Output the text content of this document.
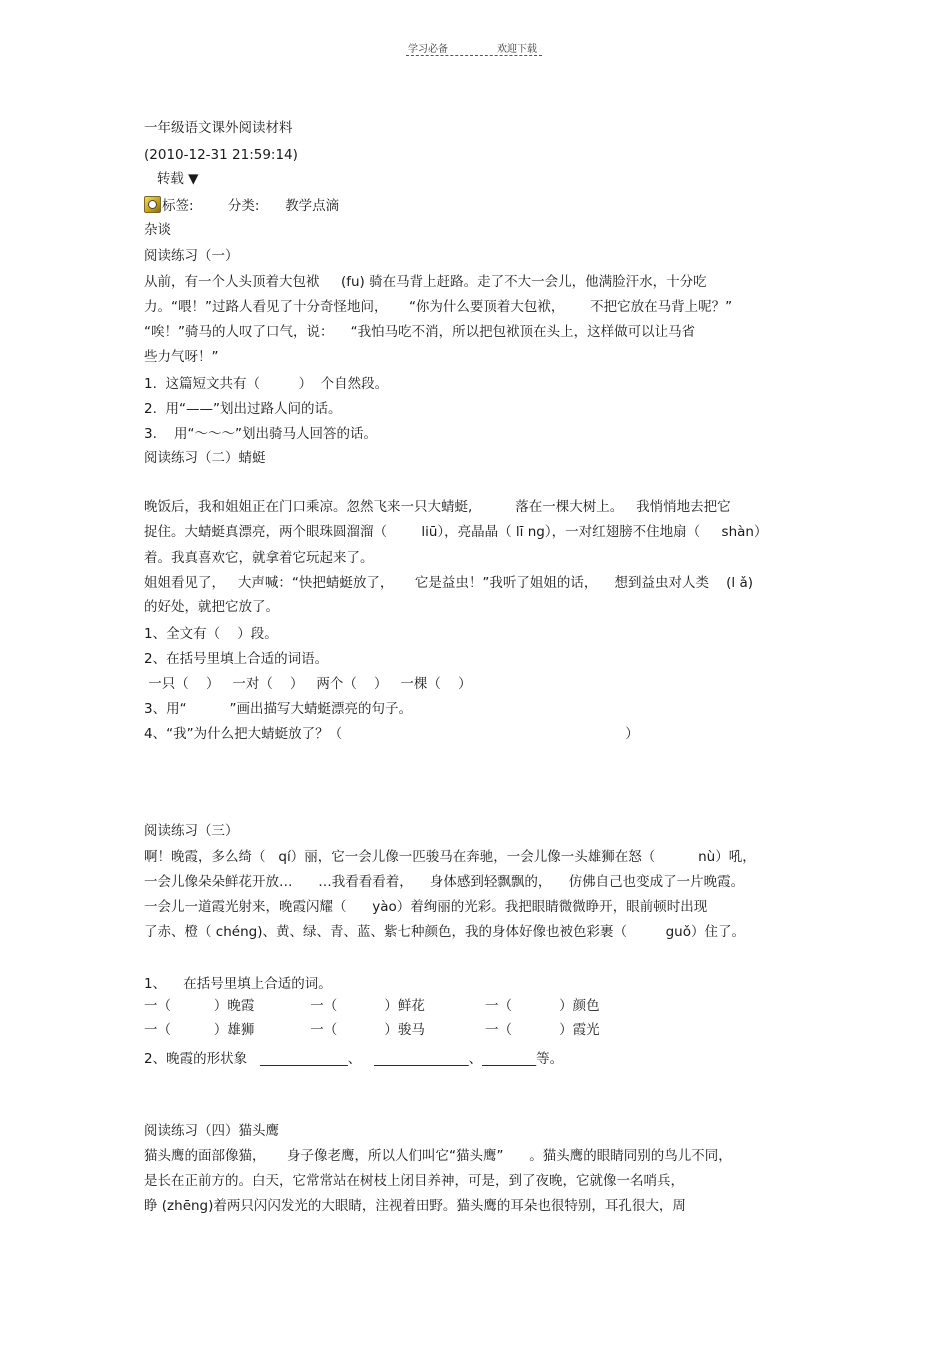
学习必备	欢迎下载
一年级语文课外阅读材料
(2010-12-31 21:59:14)
转载 ▼
标签:        分类:      教学点滴
杂谈
阅读练习（一）
从前，有一个人头顶着大包袱     (fu) 骑在马背上赶路。走了不大一会儿，他满脸汗水，十分吃
力。“喂！”过路人看见了十分奇怪地问，     “你为什么要顶着大包袱，      不把它放在马背上呢？”
“唉！”骑马的人叹了口气，说：    “我怕马吃不消，所以把包袱顶在头上，这样做可以让马省
些力气呀！”
1.  这篇短文共有（         ）  个自然段。
2.  用“——”划出过路人问的话。
3.    用“～～～”划出骑马人回答的话。
阅读练习（二）蜻蜓
晚饭后，我和姐姐正在门口乘凉。忽然飞来一只大蜻蜓,          落在一棵大树上。   我悄悄地去把它
捉住。大蜻蜓真漂亮，两个眼珠圆溜溜（        liū），亮晶晶（ lī ng），一对红翅膀不住地扇（     shàn）
着。我真喜欢它，就拿着它玩起来了。
姐姐看见了，   大声喊：“快把蜻蜓放了，     它是益虫！”我听了姐姐的话，    想到益虫对人类    (l ǎ)
的好处，就把它放了。
1、全文有（    ）段。
2、在括号里填上合适的词语。
一只（    ）   一对（    ）   两个（    ）   一棵（    ）
3、用“          ”画出描写大蜻蜓漂亮的句子。
4、“我”为什么把大蜻蜓放了？（                                                                  ）
阅读练习（三）
啊！晚霞，多么绮（   qí）丽，它一会儿像一匹骏马在奔驰，一会儿像一头雄狮在怒（          nù）吼，
一会儿像朵朵鲜花开放…      …我看看看着，    身体感到轻飘飘的，    仿佛自己也变成了一片晚霞。
一会儿一道霞光射来，晚霞闪耀（      yào）着绚丽的光彩。我把眼睛微微睁开，眼前顿时出现
了赤、橙（ chéng)、黄、绿、青、蓝、紫七种颜色，我的身体好像也被色彩裹（         guǒ）住了。
1、    在括号里填上合适的词。
一（          ）晚霞             一（           ）鲜花              一（           ）颜色
一（          ）雄狮             一（           ）骏马              一（           ）霞光
2、晚霞的形状象   _____________、   ______________、________等。
阅读练习（四）猫头鹰
猫头鹰的面部像猫，     身子像老鹰，所以人们叫它“猫头鹰”      。猫头鹰的眼睛同别的鸟儿不同，
是长在正前方的。白天，它常常站在树枝上闭目养神，可是，到了夜晚，它就像一名哨兵，
睁 (zhēng)着两只闪闪发光的大眼睛，注视着田野。猫头鹰的耳朵也很特别，耳孔很大，周
